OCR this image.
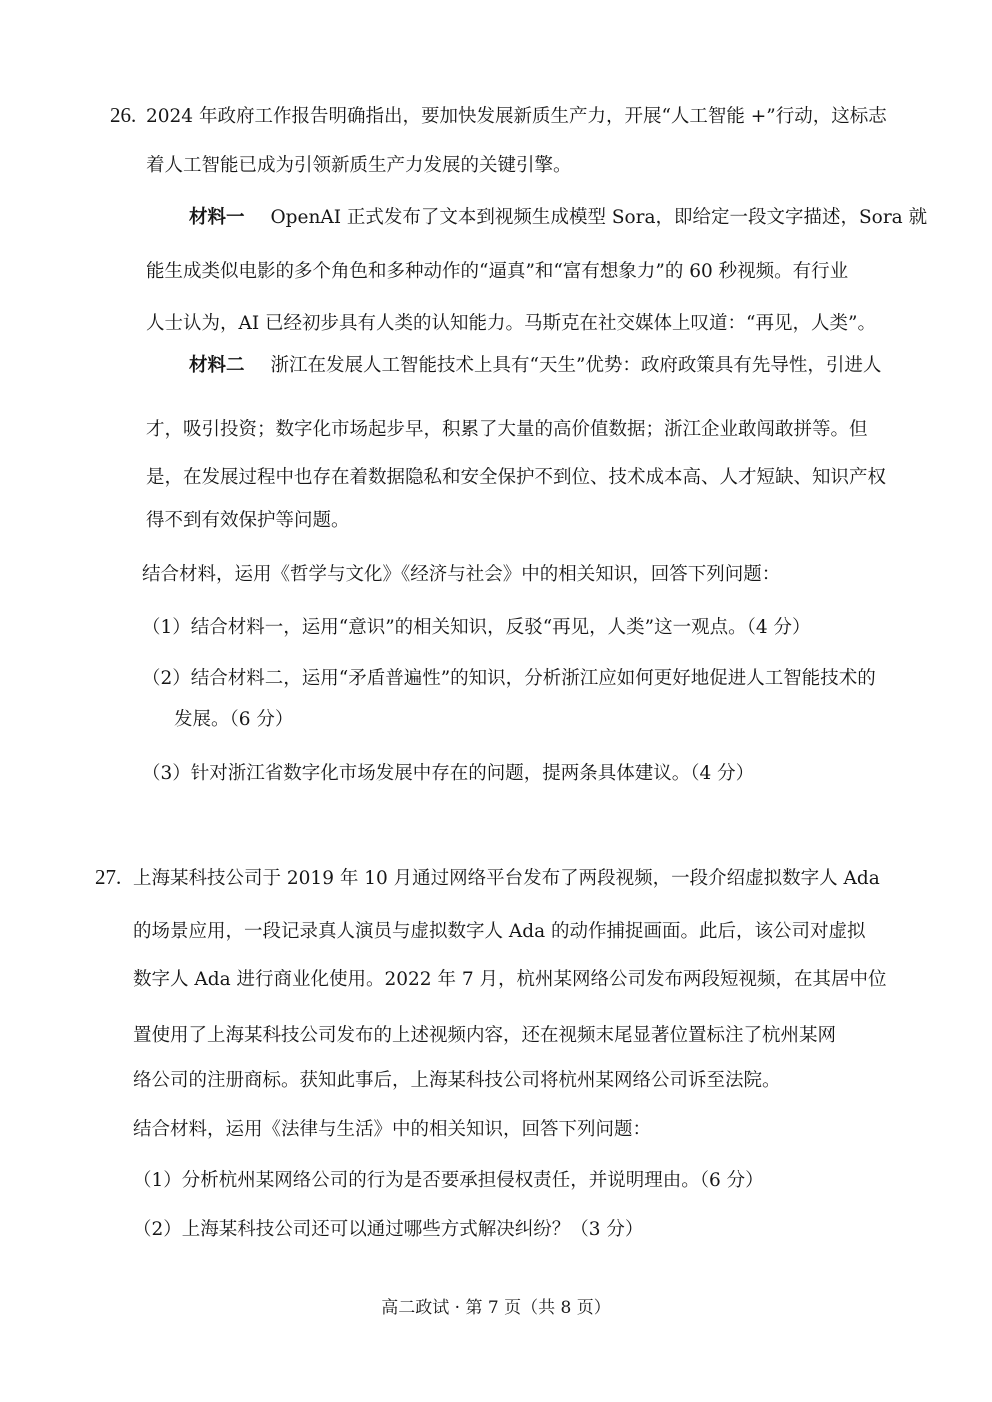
26. 2024 年政府工作报告明确指出，要加快发展新质生产力，开展“人工智能 +”行动，这标志
着人工智能已成为引领新质生产力发展的关键引擎。
材料一 OpenAI 正式发布了文本到视频生成模型 Sora，即给定一段文字描述，Sora 就
能生成类似电影的多个角色和多种动作的“逼真”和“富有想象力”的 60 秒视频。有行业
人士认为，AI 已经初步具有人类的认知能力。马斯克在社交媒体上叹道：“再见，人类”。
材料二 浙江在发展人工智能技术上具有“天生”优势：政府政策具有先导性，引进人
才，吸引投资；数字化市场起步早，积累了大量的高价值数据；浙江企业敢闯敢拼等。但
是，在发展过程中也存在着数据隐私和安全保护不到位、技术成本高、人才短缺、知识产权
得不到有效保护等问题。
结合材料，运用《哲学与文化》《经济与社会》中的相关知识，回答下列问题：
（1）结合材料一，运用“意识”的相关知识，反驳“再见，人类”这一观点。（4 分）
（2）结合材料二，运用“矛盾普遍性”的知识，分析浙江应如何更好地促进人工智能技术的
发展。（6 分）
（3）针对浙江省数字化市场发展中存在的问题，提两条具体建议。（4 分）
27. 上海某科技公司于 2019 年 10 月通过网络平台发布了两段视频，一段介绍虚拟数字人 Ada
的场景应用，一段记录真人演员与虚拟数字人 Ada 的动作捕捉画面。此后，该公司对虚拟
数字人 Ada 进行商业化使用。2022 年 7 月，杭州某网络公司发布两段短视频，在其居中位
置使用了上海某科技公司发布的上述视频内容，还在视频末尾显著位置标注了杭州某网
络公司的注册商标。获知此事后，上海某科技公司将杭州某网络公司诉至法院。
结合材料，运用《法律与生活》中的相关知识，回答下列问题：
（1）分析杭州某网络公司的行为是否要承担侵权责任，并说明理由。（6 分）
（2）上海某科技公司还可以通过哪些方式解决纠纷？（3 分）
高二政试 · 第 7 页（共 8 页）
